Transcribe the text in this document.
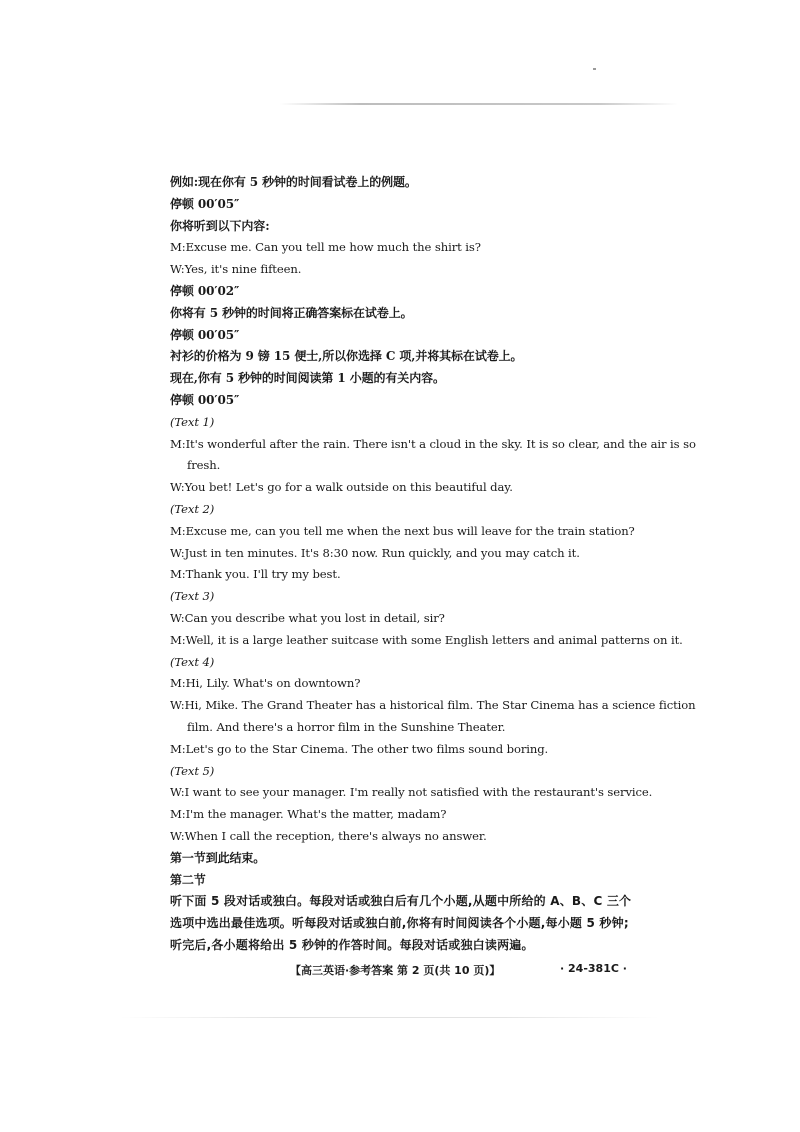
例如:现在你有 5 秒钟的时间看试卷上的例题。
停顿 00′05″
你将听到以下内容:
M:Excuse me. Can you tell me how much the shirt is?
W:Yes, it's nine fifteen.
停顿 00′02″
你将有 5 秒钟的时间将正确答案标在试卷上。
停顿 00′05″
衬衫的价格为 9 镑 15 便士,所以你选择 C 项,并将其标在试卷上。
现在,你有 5 秒钟的时间阅读第 1 小题的有关内容。
停顿 00′05″
(Text 1)
M:It's wonderful after the rain. There isn't a cloud in the sky. It is so clear, and the air is so
fresh.
W:You bet! Let's go for a walk outside on this beautiful day.
(Text 2)
M:Excuse me, can you tell me when the next bus will leave for the train station?
W:Just in ten minutes. It's 8:30 now. Run quickly, and you may catch it.
M:Thank you. I'll try my best.
(Text 3)
W:Can you describe what you lost in detail, sir?
M:Well, it is a large leather suitcase with some English letters and animal patterns on it.
(Text 4)
M:Hi, Lily. What's on downtown?
W:Hi, Mike. The Grand Theater has a historical film. The Star Cinema has a science fiction
film. And there's a horror film in the Sunshine Theater.
M:Let's go to the Star Cinema. The other two films sound boring.
(Text 5)
W:I want to see your manager. I'm really not satisfied with the restaurant's service.
M:I'm the manager. What's the matter, madam?
W:When I call the reception, there's always no answer.
第一节到此结束。
第二节
听下面 5 段对话或独白。每段对话或独白后有几个小题,从题中所给的 A、B、C 三个选项中选出最佳选项。听每段对话或独白前,你将有时间阅读各个小题,每小题 5 秒钟;听完后,各小题将给出 5 秒钟的作答时间。每段对话或独白读两遍。
【高三英语·参考答案 第 2 页(共 10 页)】	· 24-381C ·
